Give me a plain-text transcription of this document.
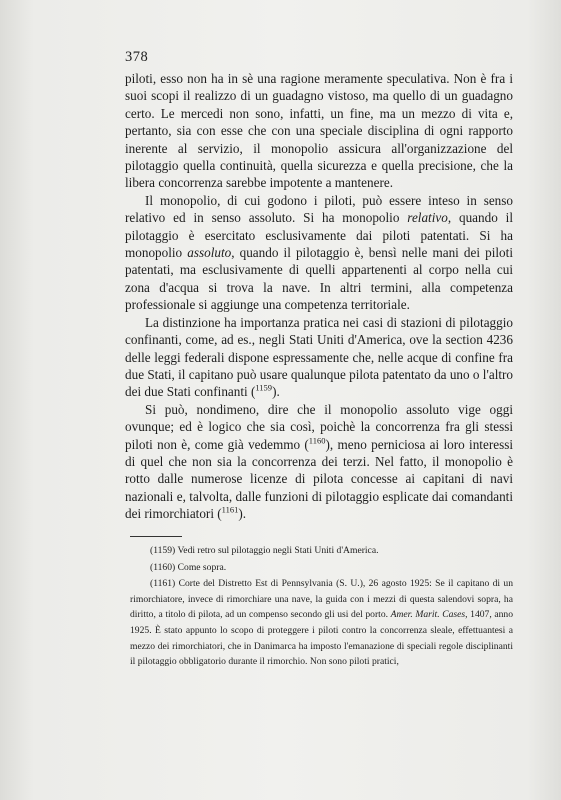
378

piloti, esso non ha in sè una ragione meramente speculativa. Non è fra i suoi scopi il realizzo di un guadagno vistoso, ma quello di un guadagno certo. Le mercedi non sono, infatti, un fine, ma un mezzo di vita e, pertanto, sia con esse che con una speciale disciplina di ogni rapporto inerente al servizio, il monopolio assicura all'organizzazione del pilotaggio quella continuità, quella sicurezza e quella precisione, che la libera concorrenza sarebbe impotente a mantenere.

Il monopolio, di cui godono i piloti, può essere inteso in senso relativo ed in senso assoluto. Si ha monopolio relativo, quando il pilotaggio è esercitato esclusivamente dai piloti patentati. Si ha monopolio assoluto, quando il pilotaggio è, bensì nelle mani dei piloti patentati, ma esclusivamente di quelli appartenenti al corpo nella cui zona d'acqua si trova la nave. In altri termini, alla competenza professionale si aggiunge una competenza territoriale.

La distinzione ha importanza pratica nei casi di stazioni di pilotaggio confinanti, come, ad es., negli Stati Uniti d'America, ove la section 4236 delle leggi federali dispone espressamente che, nelle acque di confine fra due Stati, il capitano può usare qualunque pilota patentato da uno o l'altro dei due Stati confinanti ($^{1159}$).

Si può, nondimeno, dire che il monopolio assoluto vige oggi ovunque; ed è logico che sia così, poichè la concorrenza fra gli stessi piloti non è, come già vedemmo ($^{1160}$), meno perniciosa ai loro interessi di quel che non sia la concorrenza dei terzi. Nel fatto, il monopolio è rotto dalle numerose licenze di pilota concesse ai capitani di navi nazionali e, talvolta, dalle funzioni di pilotaggio esplicate dai comandanti dei rimorchiatori ($^{1161}$).

(1159) Vedi retro sul pilotaggio negli Stati Uniti d'America.

(1160) Come sopra.

(1161) Corte del Distretto Est di Pennsylvania (S. U.), 26 agosto 1925: Se il capitano di un rimorchiatore, invece di rimorchiare una nave, la guida con i mezzi di questa salendovi sopra, ha diritto, a titolo di pilota, ad un compenso secondo gli usi del porto. Amer. Marit. Cases, 1407, anno 1925. È stato appunto lo scopo di proteggere i piloti contro la concorrenza sleale, effettuantesi a mezzo dei rimorchiatori, che in Danimarca ha imposto l'emanazione di speciali regole disciplinanti il pilotaggio obbligatorio durante il rimorchio. Non sono piloti pratici,
